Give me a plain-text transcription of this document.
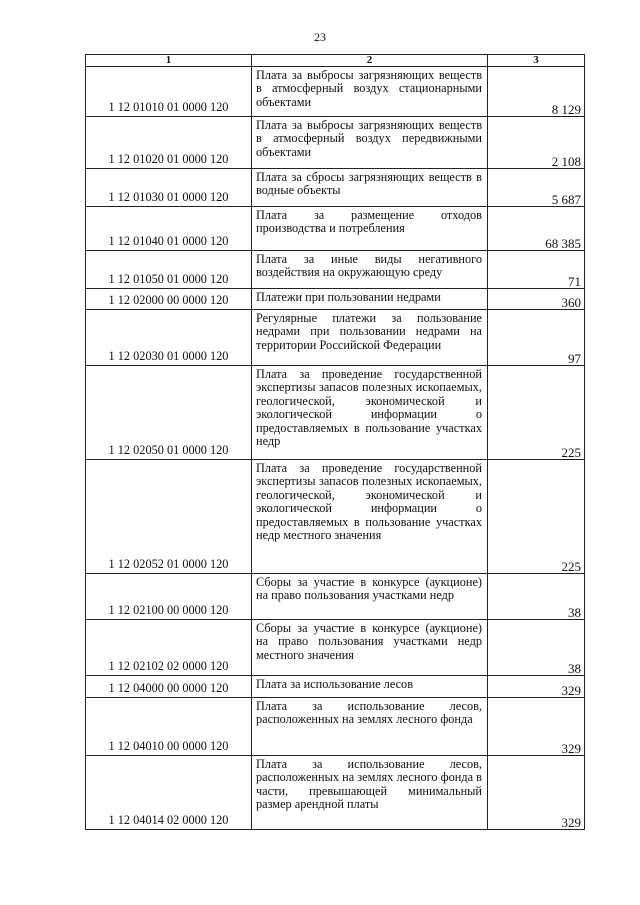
23
1	2	3
1 12 01010 01 0000 120	Плата за выбросы загрязняющих веществ в атмосферный воздух стационарными объектами	8 129
1 12 01020 01 0000 120	Плата за выбросы загрязняющих веществ в атмосферный воздух передвижными объектами	2 108
1 12 01030 01 0000 120	Плата за сбросы загрязняющих веществ в водные объекты	5 687
1 12 01040 01 0000 120	Плата за размещение отходов производства и потребления	68 385
1 12 01050 01 0000 120	Плата за иные виды негативного воздействия на окружающую среду	71
1 12 02000 00 0000 120	Платежи при пользовании недрами	360
1 12 02030 01 0000 120	Регулярные платежи за пользование недрами при пользовании недрами на территории Российской Федерации	97
1 12 02050 01 0000 120	Плата за проведение государственной экспертизы запасов полезных ископаемых, геологической, экономической и экологической информации о предоставляемых в пользование участках недр	225
1 12 02052 01 0000 120	Плата за проведение государственной экспертизы запасов полезных ископаемых, геологической, экономической и экологической информации о предоставляемых в пользование участках недр местного значения	225
1 12 02100 00 0000 120	Сборы за участие в конкурсе (аукционе) на право пользования участками недр	38
1 12 02102 02 0000 120	Сборы за участие в конкурсе (аукционе) на право пользования участками недр местного значения	38
1 12 04000 00 0000 120	Плата за использование лесов	329
1 12 04010 00 0000 120	Плата за использование лесов, расположенных на землях лесного фонда	329
1 12 04014 02 0000 120	Плата за использование лесов, расположенных на землях лесного фонда в части, превышающей минимальный размер арендной платы	329
